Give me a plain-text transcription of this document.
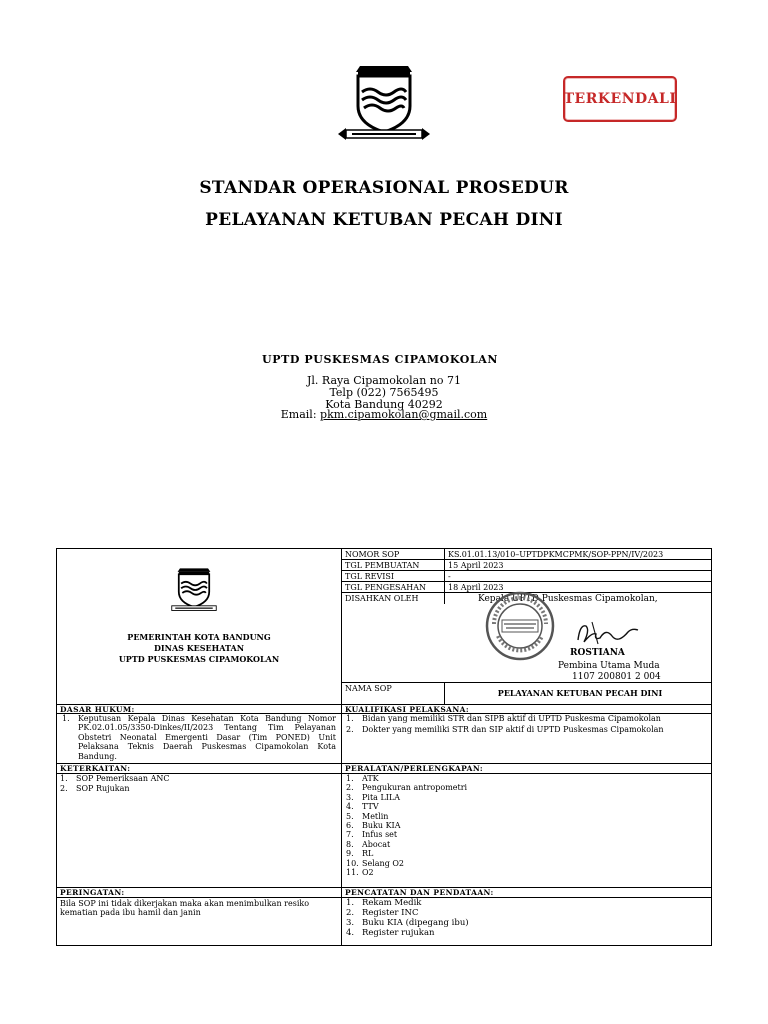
TERKENDALI
STANDAR OPERASIONAL PROSEDUR
PELAYANAN KETUBAN PECAH DINI
UPTD PUSKESMAS CIPAMOKOLAN
Jl. Raya Cipamokolan no 71
Telp (022) 7565495
Kota Bandung 40292
Email: pkm.cipamokolan@gmail.com
PEMERINTAH KOTA BANDUNG
DINAS KESEHATAN
UPTD PUSKESMAS CIPAMOKOLAN
NOMOR SOP	KS.01.01.13/010–UPTDPKMCPMK/SOP-PPN/IV/2023
TGL PEMBUATAN	15 April 2023
TGL REVISI	-
TGL PENGESAHAN	18 April 2023
DISAHKAN OLEH	Kepala UPTD Puskesmas Cipamokolan,
ROSTIANA
Pembina Utama Muda
1107 200801 2 004
NAMA SOP	PELAYANAN KETUBAN PECAH DINI
DASAR HUKUM:
1.	Keputusan Kepala Dinas Kesehatan Kota Bandung Nomor PK.02.01.05/3350-Dinkes/II/2023 Tentang Tim Pelayanan Obstetri Neonatal Emergenti Dasar (Tim PONED) Unit Pelaksana Teknis Daerah Puskesmas Cipamokolan Kota Bandung.
KUALIFIKASI PELAKSANA:
1.	Bidan yang memiliki STR dan SIPB aktif di UPTD Puskesma Cipamokolan
2.	Dokter yang memiliki STR dan SIP aktif di UPTD Puskesmas Cipamokolan
KETERKAITAN:
1.	SOP Pemeriksaan ANC
2.	SOP Rujukan
PERALATAN/PERLENGKAPAN:
1.	ATK
2.	Pengukuran antropometri
3.	Pita LILA
4.	TTV
5.	Metlin
6.	Buku KIA
7.	Infus set
8.	Abocat
9.	RL
10. Selang O2
11. O2
PERINGATAN:
Bila SOP ini tidak dikerjakan maka akan menimbulkan resiko kematian pada ibu hamil dan janin
PENCATATAN DAN PENDATAAN:
1. Rekam Medik
2. Register INC
3. Buku KIA (dipegang ibu)
4. Register rujukan
